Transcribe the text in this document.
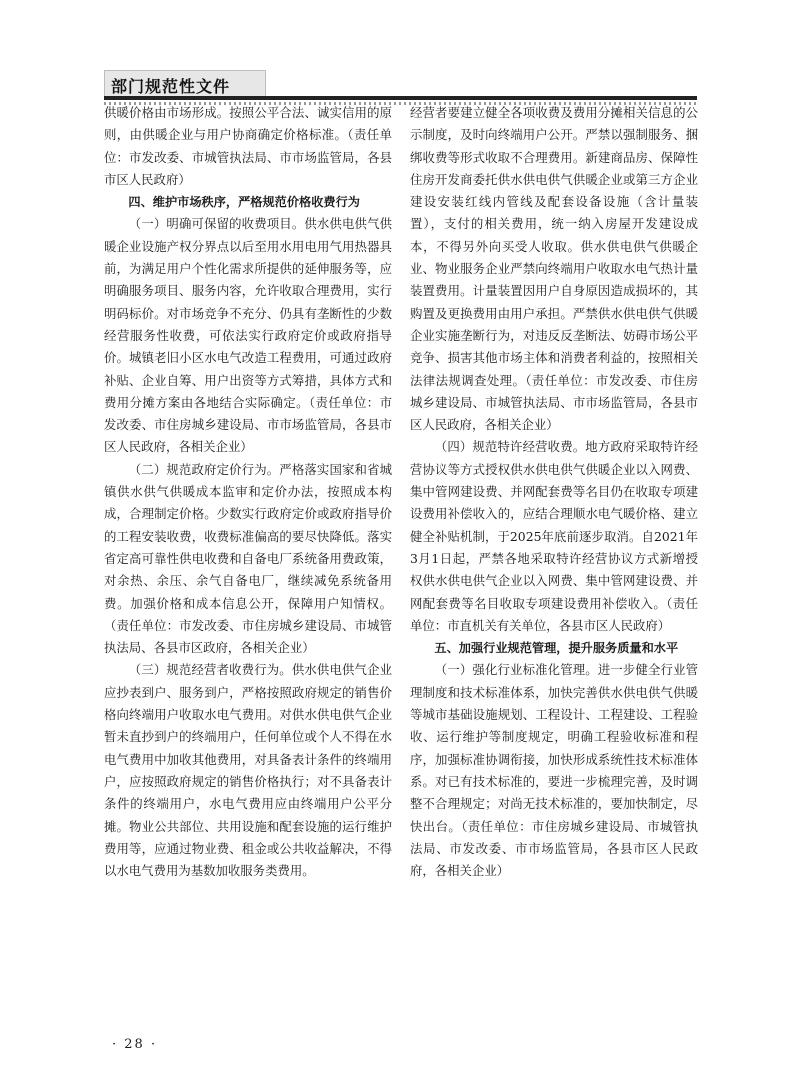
部门规范性文件

供暖价格由市场形成。按照公平合法、诚实信用的原则，由供暖企业与用户协商确定价格标准。（责任单位：市发改委、市城管执法局、市市场监管局，各县市区人民政府）

四、维护市场秩序，严格规范价格收费行为

（一）明确可保留的收费项目。供水供电供气供暖企业设施产权分界点以后至用水用电用气用热器具前，为满足用户个性化需求所提供的延伸服务等，应明确服务项目、服务内容，允许收取合理费用，实行明码标价。对市场竞争不充分、仍具有垄断性的少数经营服务性收费，可依法实行政府定价或政府指导价。城镇老旧小区水电气改造工程费用，可通过政府补贴、企业自筹、用户出资等方式筹措，具体方式和费用分摊方案由各地结合实际确定。（责任单位：市发改委、市住房城乡建设局、市市场监管局，各县市区人民政府，各相关企业）

（二）规范政府定价行为。严格落实国家和省城镇供水供气供暖成本监审和定价办法，按照成本构成，合理制定价格。少数实行政府定价或政府指导价的工程安装收费，收费标准偏高的要尽快降低。落实省定高可靠性供电收费和自备电厂系统备用费政策，对余热、余压、余气自备电厂，继续减免系统备用费。加强价格和成本信息公开，保障用户知情权。（责任单位：市发改委、市住房城乡建设局、市城管执法局、各县市区政府，各相关企业）

（三）规范经营者收费行为。供水供电供气企业应抄表到户、服务到户，严格按照政府规定的销售价格向终端用户收取水电气费用。对供水供电供气企业暂未直抄到户的终端用户，任何单位或个人不得在水电气费用中加收其他费用，对具备表计条件的终端用户，应按照政府规定的销售价格执行；对不具备表计条件的终端用户，水电气费用应由终端用户公平分摊。物业公共部位、共用设施和配套设施的运行维护费用等，应通过物业费、租金或公共收益解决，不得以水电气费用为基数加收服务类费用。

经营者要建立健全各项收费及费用分摊相关信息的公示制度，及时向终端用户公开。严禁以强制服务、捆绑收费等形式收取不合理费用。新建商品房、保障性住房开发商委托供水供电供气供暖企业或第三方企业建设安装红线内管线及配套设备设施（含计量装置），支付的相关费用，统一纳入房屋开发建设成本，不得另外向买受人收取。供水供电供气供暖企业、物业服务企业严禁向终端用户收取水电气热计量装置费用。计量装置因用户自身原因造成损坏的，其购置及更换费用由用户承担。严禁供水供电供气供暖企业实施垄断行为，对违反反垄断法、妨碍市场公平竞争、损害其他市场主体和消费者利益的，按照相关法律法规调查处理。（责任单位：市发改委、市住房城乡建设局、市城管执法局、市市场监管局，各县市区人民政府，各相关企业）

（四）规范特许经营收费。地方政府采取特许经营协议等方式授权供水供电供气供暖企业以入网费、集中管网建设费、并网配套费等名目仍在收取专项建设费用补偿收入的，应结合理顺水电气暖价格、建立健全补贴机制，于2025年底前逐步取消。自2021年3月1日起，严禁各地采取特许经营协议方式新增授权供水供电供气企业以入网费、集中管网建设费、并网配套费等名目收取专项建设费用补偿收入。（责任单位：市直机关有关单位，各县市区人民政府）

五、加强行业规范管理，提升服务质量和水平

（一）强化行业标准化管理。进一步健全行业管理制度和技术标准体系，加快完善供水供电供气供暖等城市基础设施规划、工程设计、工程建设、工程验收、运行维护等制度规定，明确工程验收标准和程序，加强标准协调衔接，加快形成系统性技术标准体系。对已有技术标准的，要进一步梳理完善，及时调整不合理规定；对尚无技术标准的，要加快制定，尽快出台。（责任单位：市住房城乡建设局、市城管执法局、市发改委、市市场监管局，各县市区人民政府，各相关企业）

· 28 ·
